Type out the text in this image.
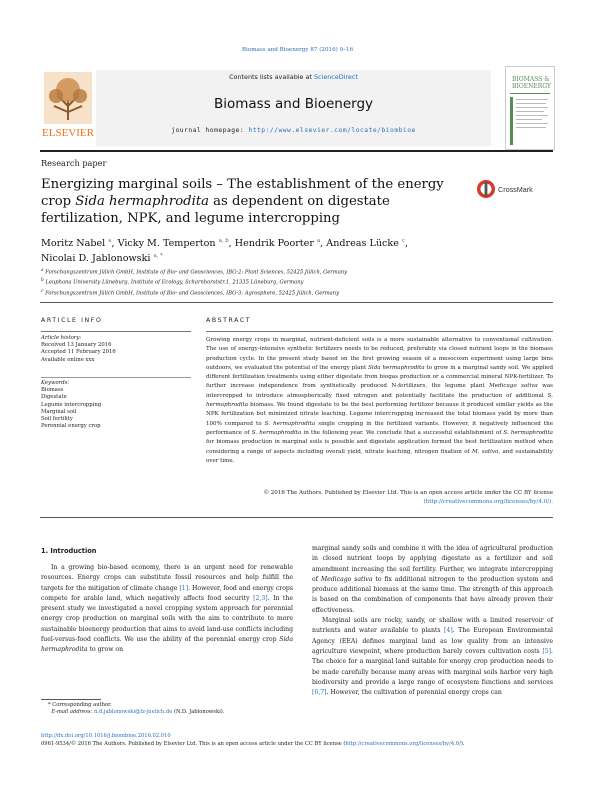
Biomass and Bioenergy 87 (2016) 9–16
ELSEVIER
Contents lists available at ScienceDirect
Biomass and Bioenergy
journal homepage: http://www.elsevier.com/locate/biombioe
BIOMASS &
BIOENERGY
Research paper
Energizing marginal soils – The establishment of the energy crop Sida hermaphrodita as dependent on digestate fertilization, NPK, and legume intercropping
CrossMark
Moritz Nabel $^a$, Vicky M. Temperton $^{a, b}$, Hendrik Poorter $^a$, Andreas Lücke $^c$,
Nicolai D. Jablonowski $^{a, *}$
$^a$ Forschungszentrum Jülich GmbH, Institute of Bio- and Geosciences, IBG-2: Plant Sciences, 52425 Jülich, Germany
$^b$ Leuphana University Lüneburg, Institute of Ecology, Scharnhorststr.1, 21335 Lüneburg, Germany
$^c$ Forschungszentrum Jülich GmbH, Institute of Bio- and Geosciences, IBG-3: Agrosphere, 52425 Jülich, Germany
ARTICLE INFO	ABSTRACT
Article history:
Received 13 January 2016
Accepted 11 February 2016
Available online xxx
Keywords:
Biomass
Digestate
Legume intercropping
Marginal soil
Soil fertility
Perennial energy crop
Growing energy crops in marginal, nutrient-deficient soils is a more sustainable alternative to conventional cultivation. The use of energy-intensive synthetic fertilizers needs to be reduced, preferably via closed nutrient loops in the biomass production cycle. In the present study based on the first growing season of a mesocosm experiment using large bins outdoors, we evaluated the potential of the energy plant Sida hermaphrodita to grow in a marginal sandy soil. We applied different fertilization treatments using either digestate from biogas production or a commercial mineral NPK-fertilizer. To further increase independence from synthetically produced N-fertilizers, the legume plant Medicago sativa was intercropped to introduce atmospherically fixed nitrogen and potentially facilitate the production of additional S. hermaphrodita biomass. We found digestate to be the best performing fertilizer because it produced similar yields as the NPK fertilization but minimized nitrate leaching. Legume intercropping increased the total biomass yield by more than 100% compared to S. hermaphrodita single cropping in the fertilized variants. However, it negatively influenced the performance of S. hermaphrodita in the following year. We conclude that a successful establishment of S. hermaphrodita for biomass production in marginal soils is possible and digestate application formed the best fertilization method when considering a range of aspects including overall yield, nitrate leaching, nitrogen fixation of M. sativa, and sustainability over time.
© 2016 The Authors. Published by Elsevier Ltd. This is an open access article under the CC BY license
(http://creativecommons.org/licenses/by/4.0/).
1. Introduction
In a growing bio-based economy, there is an urgent need for renewable resources. Energy crops can substitute fossil resources and help fulfill the targets for the mitigation of climate change [1]. However, food and energy crops compete for arable land, which negatively affects food security [2,3]. In the present study we investigated a novel cropping system approach for perennial energy crop production on marginal soils with the aim to contribute to more sustainable bioenergy production that aims to avoid land-use conflicts including fuel-versus-food conflicts. We use the ability of the perennial energy crop Sida hermaphrodita to grow on

marginal sandy soils and combine it with the idea of agricultural production in closed nutrient loops by applying digestate as a fertilizer and soil amendment increasing the soil fertility. Further, we integrate intercropping of Medicago sativa to fix additional nitrogen to the production system and produce additional biomass at the same time. The strength of this approach is based on the combination of components that have already proven their effectiveness.

Marginal soils are rocky, sandy, or shallow with a limited reservoir of nutrients and water available to plants [4]. The European Environmental Agency (EEA) defines marginal land as low quality from an intensive agriculture viewpoint, where production barely covers cultivation costs [5]. The choice for a marginal land suitable for energy crop production needs to be made carefully because many areas with marginal soils harbor very high biodiversity and provide a large range of ecosystem functions and services [6,7]. However, the cultivation of perennial energy crops can

* Corresponding author.
E-mail address: n.d.jablonowski@fz-juelich.de (N.D. Jablonowski).
http://dx.doi.org/10.1016/j.biombioe.2016.02.010
0961-9534/© 2016 The Authors. Published by Elsevier Ltd. This is an open access article under the CC BY license (http://creativecommons.org/licenses/by/4.0/).
